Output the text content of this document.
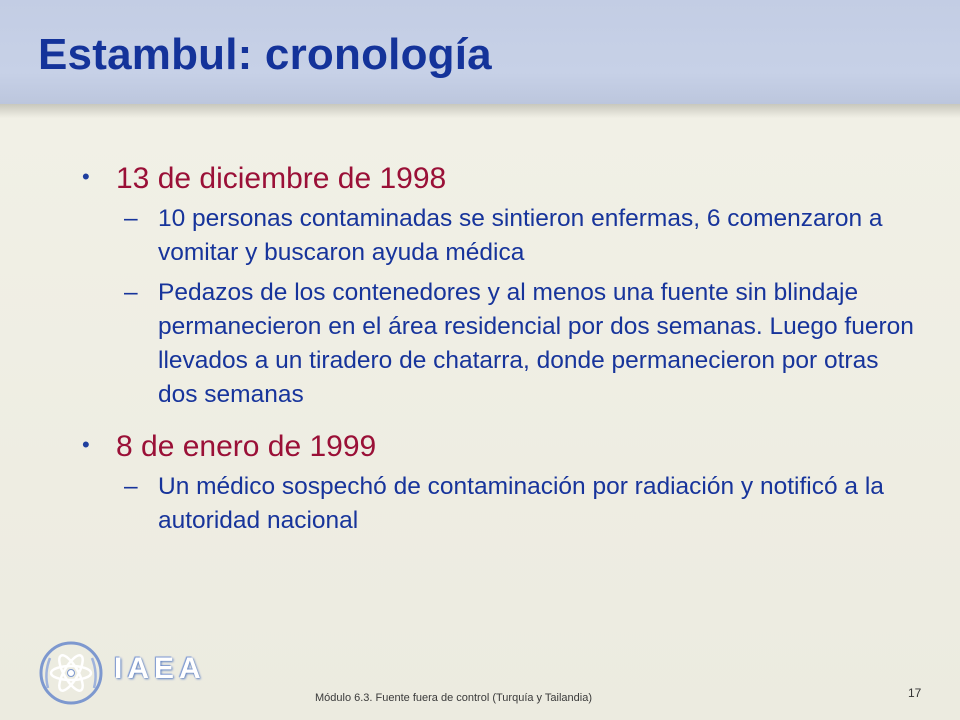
Estambul: cronología
• 13 de diciembre de 1998
– 10 personas contaminadas se sintieron enfermas, 6 comenzaron a vomitar y buscaron ayuda médica
– Pedazos de los contenedores y al menos una fuente sin blindaje permanecieron en el área residencial por dos semanas. Luego fueron llevados a un tiradero de chatarra, donde permanecieron por otras dos semanas
• 8 de enero de 1999
– Un médico sospechó de contaminación por radiación y notificó a la autoridad nacional
IAEA
Módulo 6.3. Fuente fuera de control (Turquía y Tailandia)	17
